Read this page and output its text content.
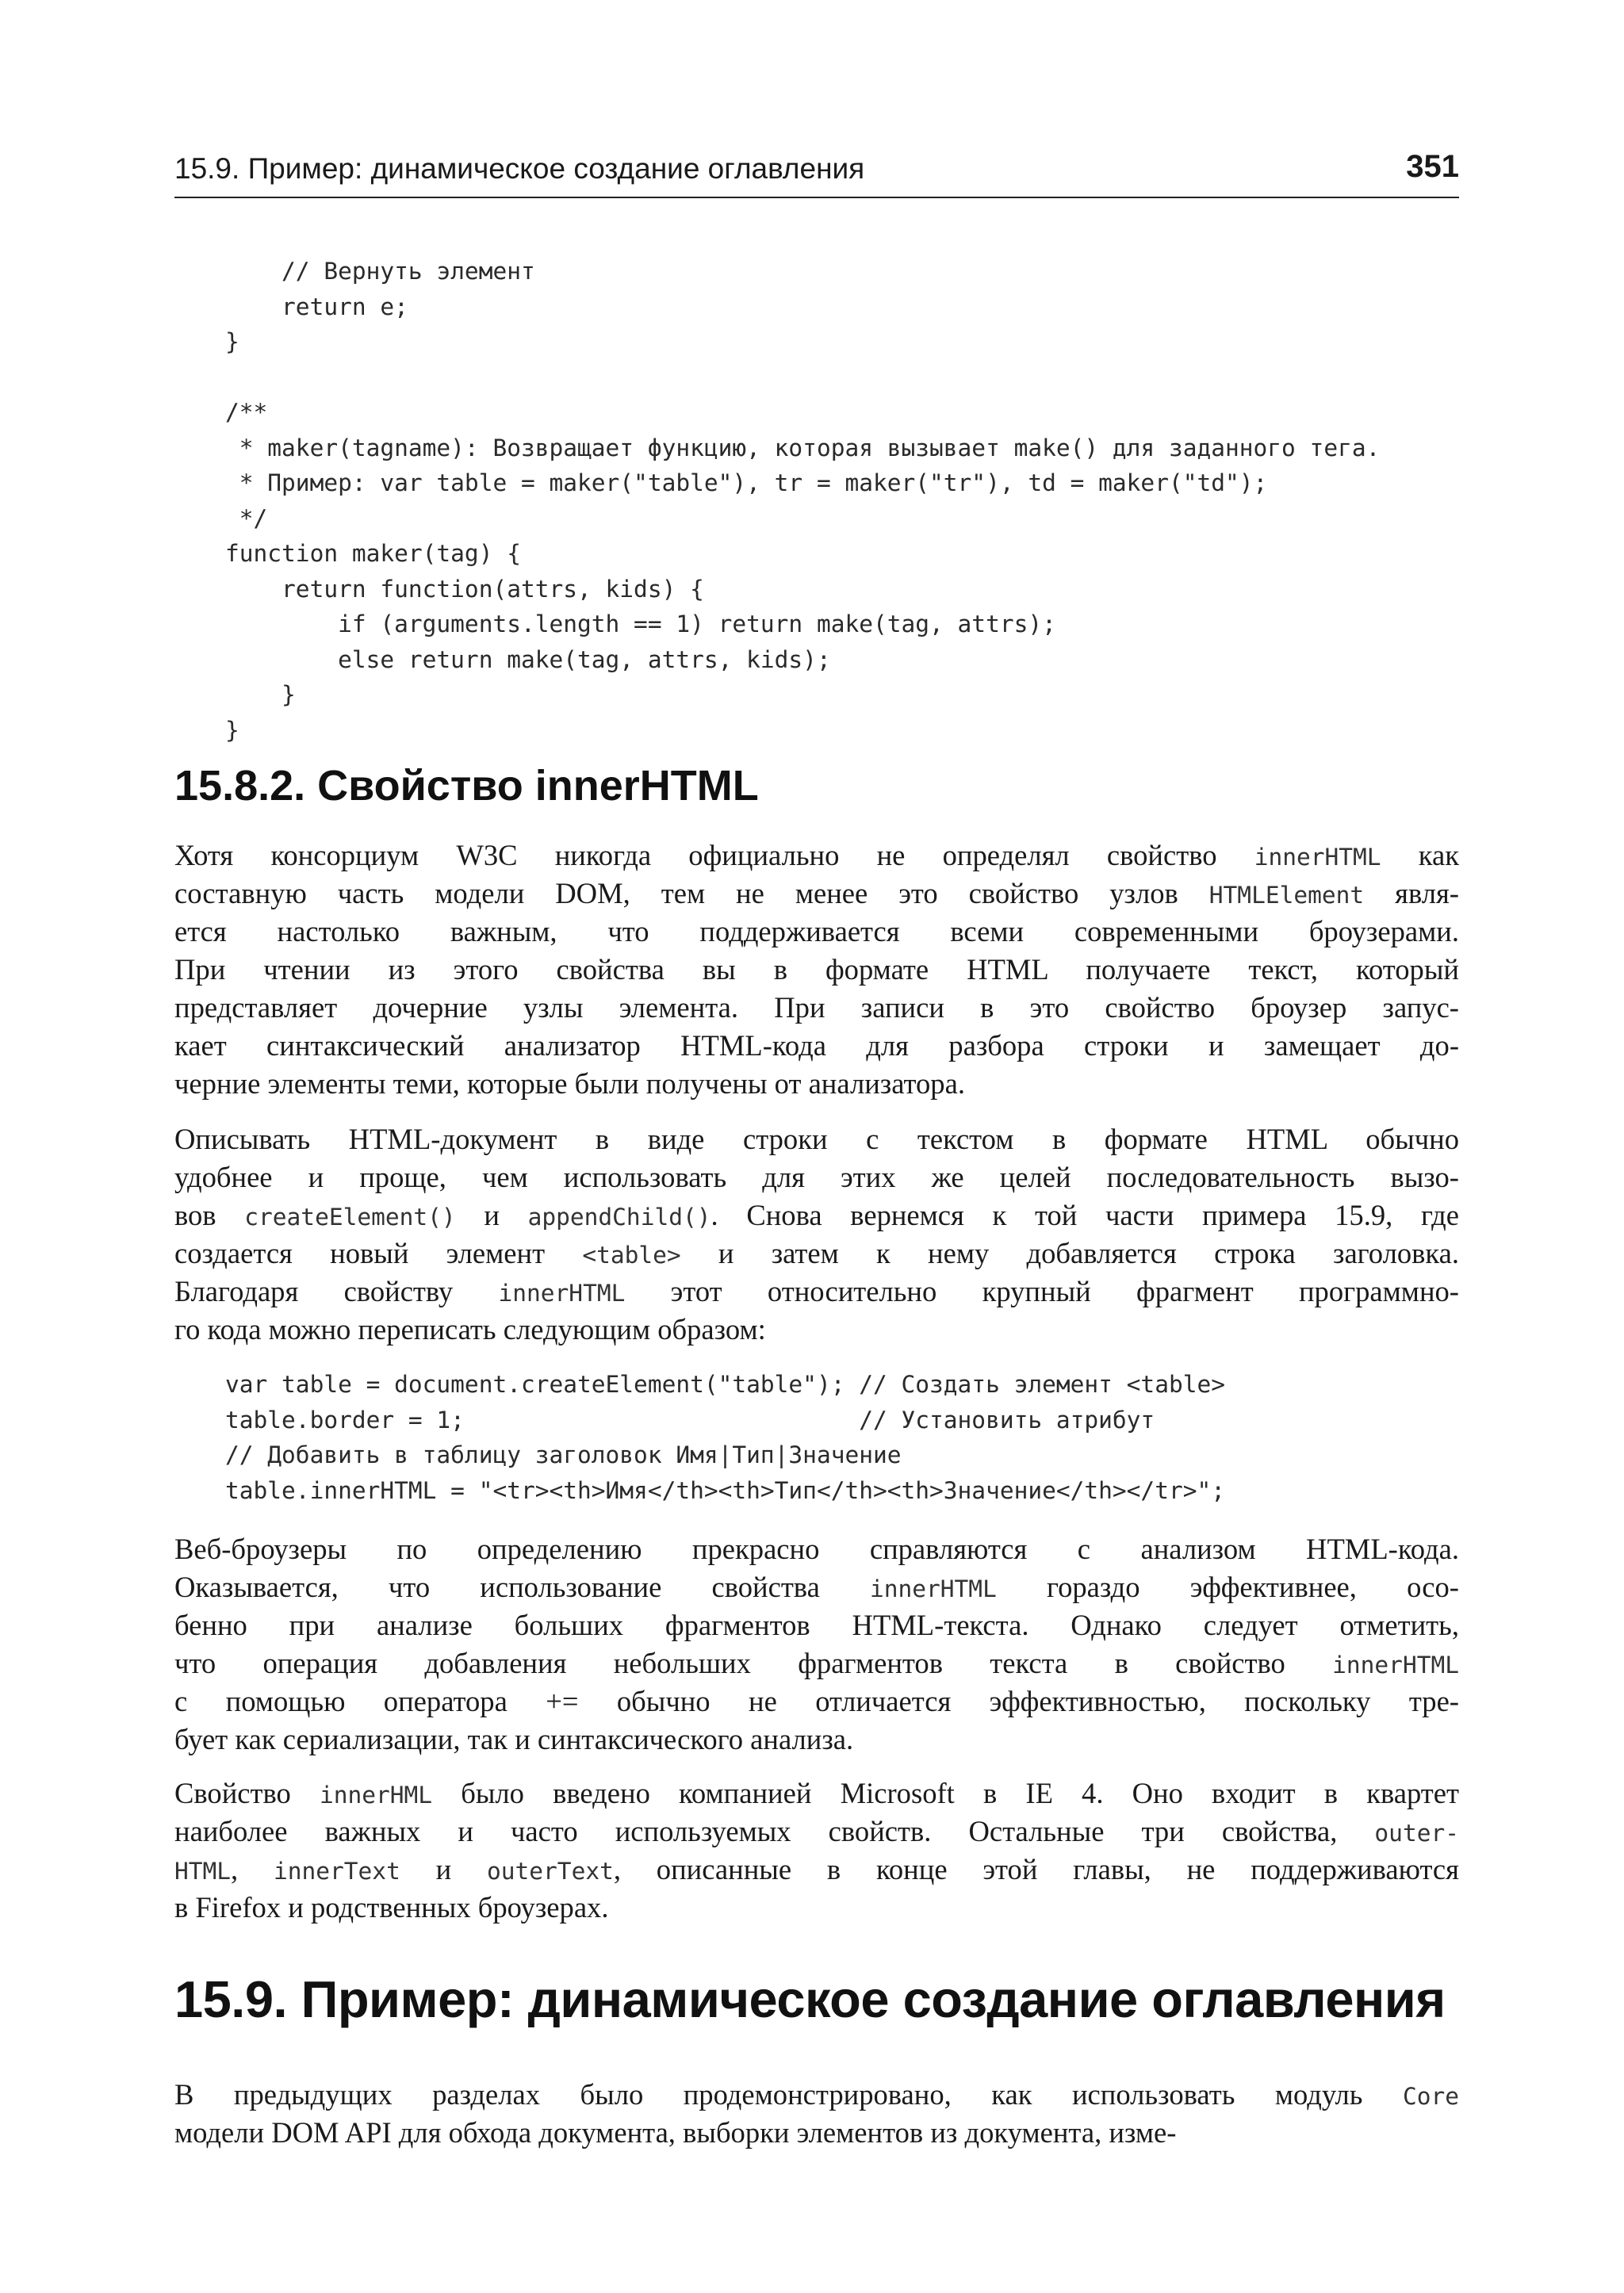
15.9. Пример: динамическое создание оглавления	351
// Вернуть элемент
return e;
}

/**
* maker(tagname): Возвращает функцию, которая вызывает make() для заданного тега.
* Пример: var table = maker("table"), tr = maker("tr"), td = maker("td");
*/
function maker(tag) {
return function(attrs, kids) {
if (arguments.length == 1) return make(tag, attrs);
else return make(tag, attrs, kids);
}
}
15.8.2. Свойство innerHTML
Хотя консорциум W3C никогда официально не определял свойство innerHTML как
составную часть модели DOM, тем не менее это свойство узлов HTMLElement явля-
ется настолько важным, что поддерживается всеми современными броузерами.
При чтении из этого свойства вы в формате HTML получаете текст, который
представляет дочерние узлы элемента. При записи в это свойство броузер запус-
кает синтаксический анализатор HTML-кода для разбора строки и замещает до-
черние элементы теми, которые были получены от анализатора.
Описывать HTML-документ в виде строки с текстом в формате HTML обычно
удобнее и проще, чем использовать для этих же целей последовательность вызо-
вов createElement() и appendChild(). Снова вернемся к той части примера 15.9, где
создается новый элемент <table> и затем к нему добавляется строка заголовка.
Благодаря свойству innerHTML этот относительно крупный фрагмент программно-
го кода можно переписать следующим образом:
var table = document.createElement("table"); // Создать элемент <table>
table.border = 1;                            // Установить атрибут
// Добавить в таблицу заголовок Имя|Тип|Значение
table.innerHTML = "<tr><th>Имя</th><th>Тип</th><th>Значение</th></tr>";
Веб-броузеры по определению прекрасно справляются с анализом HTML-кода.
Оказывается, что использование свойства innerHTML гораздо эффективнее, осо-
бенно при анализе больших фрагментов HTML-текста. Однако следует отметить,
что операция добавления небольших фрагментов текста в свойство innerHTML
с помощью оператора += обычно не отличается эффективностью, поскольку тре-
бует как сериализации, так и синтаксического анализа.
Свойство innerHML было введено компанией Microsoft в IE 4. Оно входит в квартет
наиболее важных и часто используемых свойств. Остальные три свойства, outer-
HTML, innerText и outerText, описанные в конце этой главы, не поддерживаются
в Firefox и родственных броузерах.
15.9. Пример: динамическое создание оглавления
В предыдущих разделах было продемонстрировано, как использовать модуль Core
модели DOM API для обхода документа, выборки элементов из документа, изме-
